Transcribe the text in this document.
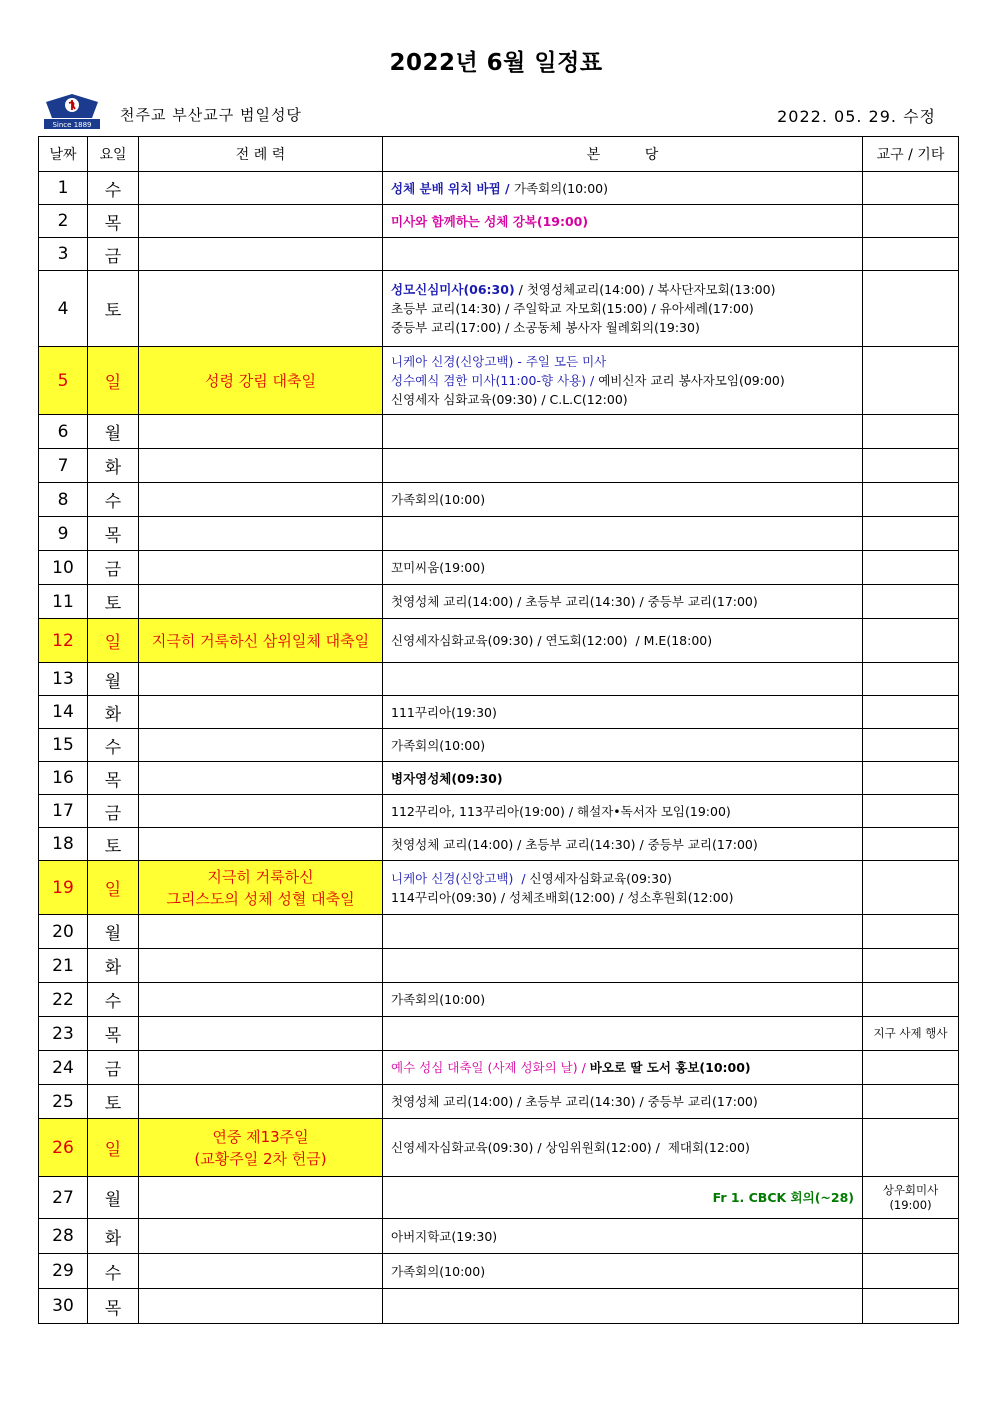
2022년 6월 일정표
Since 1889
천주교 부산교구 범일성당	2022. 05. 29. 수정
날짜	요일	전 례 력	본          당	교구 / 기타
1	수		성체 분배 위치 바뀜 / 가족회의(10:00)	
2	목		미사와 함께하는 성체 강복(19:00)	
3	금			
4	토		성모신심미사(06:30) / 첫영성체교리(14:00) / 복사단자모회(13:00)
초등부 교리(14:30) / 주일학교 자모회(15:00) / 유아세례(17:00)
중등부 교리(17:00) / 소공동체 봉사자 월례회의(19:30)	
5	일	성령 강림 대축일	니케아 신경(신앙고백) - 주일 모든 미사
성수예식 겸한 미사(11:00-향 사용) / 예비신자 교리 봉사자모임(09:00)
신영세자 심화교육(09:30) / C.L.C(12:00)	
6	월			
7	화			
8	수		가족회의(10:00)	
9	목			
10	금		꼬미씨움(19:00)	
11	토		첫영성체 교리(14:00) / 초등부 교리(14:30) / 중등부 교리(17:00)	
12	일	지극히 거룩하신 삼위일체 대축일	신영세자심화교육(09:30) / 연도회(12:00)  / M.E(18:00)	
13	월			
14	화		111꾸리아(19:30)	
15	수		가족회의(10:00)	
16	목		병자영성체(09:30)	
17	금		112꾸리아, 113꾸리아(19:00) / 해설자•독서자 모임(19:00)	
18	토		첫영성체 교리(14:00) / 초등부 교리(14:30) / 중등부 교리(17:00)	
19	일	지극히 거룩하신
그리스도의 성체 성혈 대축일	니케아 신경(신앙고백)  / 신영세자심화교육(09:30)
114꾸리아(09:30) / 성체조배회(12:00) / 성소후원회(12:00)	
20	월			
21	화			
22	수		가족회의(10:00)	
23	목			지구 사제 행사
24	금		예수 성심 대축일 (사제 성화의 날) / 바오로 딸 도서 홍보(10:00)	
25	토		첫영성체 교리(14:00) / 초등부 교리(14:30) / 중등부 교리(17:00)	
26	일	연중 제13주일
(교황주일 2차 헌금)	신영세자심화교육(09:30) / 상임위원회(12:00) /  제대회(12:00)	
27	월		Fr 1. CBCK 회의(~28)	상우회미사
(19:00)
28	화		아버지학교(19:30)	
29	수		가족회의(10:00)	
30	목			
